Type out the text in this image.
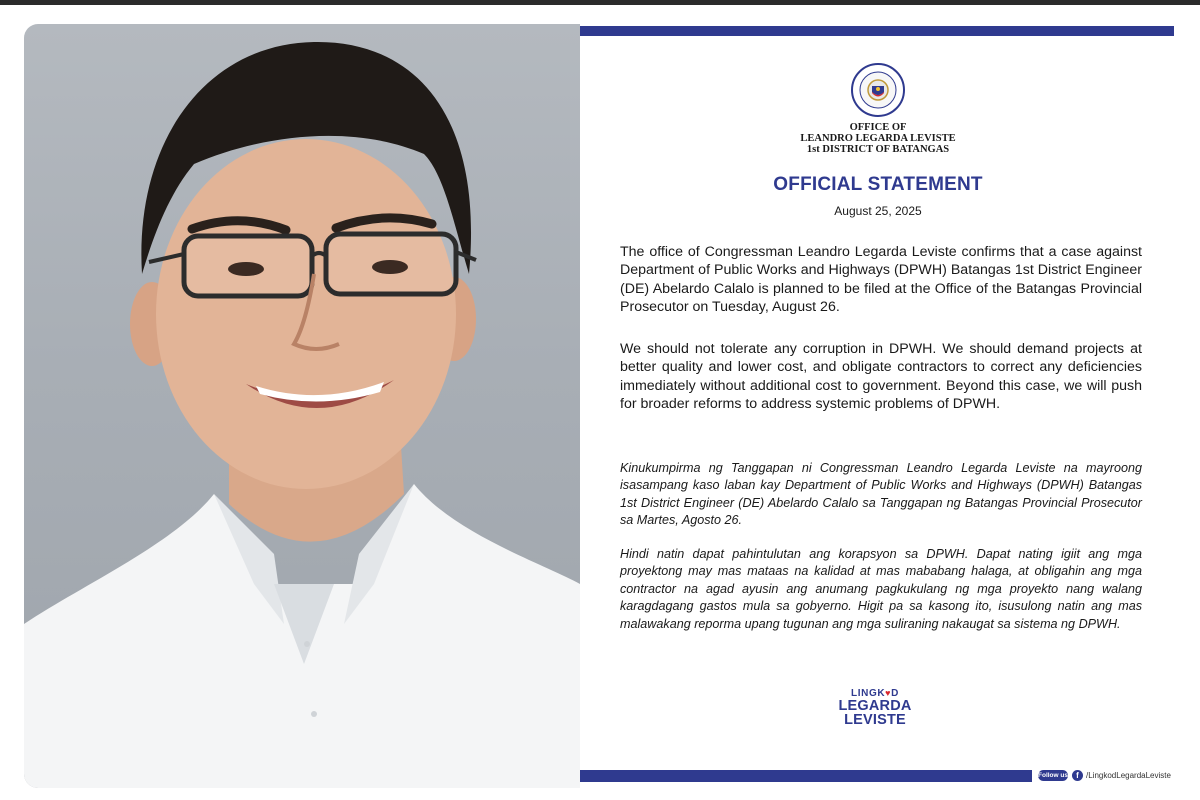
OFFICE OF
LEANDRO LEGARDA LEVISTE
1st DISTRICT OF BATANGAS
OFFICIAL STATEMENT
August 25, 2025

The office of Congressman Leandro Legarda Leviste confirms that a case against Department of Public Works and Highways (DPWH) Batangas 1st District Engineer (DE) Abelardo Calalo is planned to be filed at the Office of the Batangas Provincial Prosecutor on Tuesday, August 26.

We should not tolerate any corruption in DPWH. We should demand projects at better quality and lower cost, and obligate contractors to correct any deficiencies immediately without additional cost to government. Beyond this case, we will push for broader reforms to address systemic problems of DPWH.

Kinukumpirma ng Tanggapan ni Congressman Leandro Legarda Leviste na mayroong isasampang kaso laban kay Department of Public Works and Highways (DPWH) Batangas 1st District Engineer (DE) Abelardo Calalo sa Tanggapan ng Batangas Provincial Prosecutor sa Martes, Agosto 26.

Hindi natin dapat pahintulutan ang korapsyon sa DPWH. Dapat nating igiit ang mga proyektong may mas mataas na kalidad at mas mababang halaga, at obligahin ang mga contractor na agad ayusin ang anumang pagkukulang ng mga proyekto nang walang karagdagang gastos mula sa gobyerno. Higit pa sa kasong ito, isusulong natin ang mas malawakang reporma upang tugunan ang mga suliraning nakaugat sa sistema ng DPWH.

LINGK♥D
LEGARDA
LEVISTE
Follow us	f /LingkodLegardaLeviste
